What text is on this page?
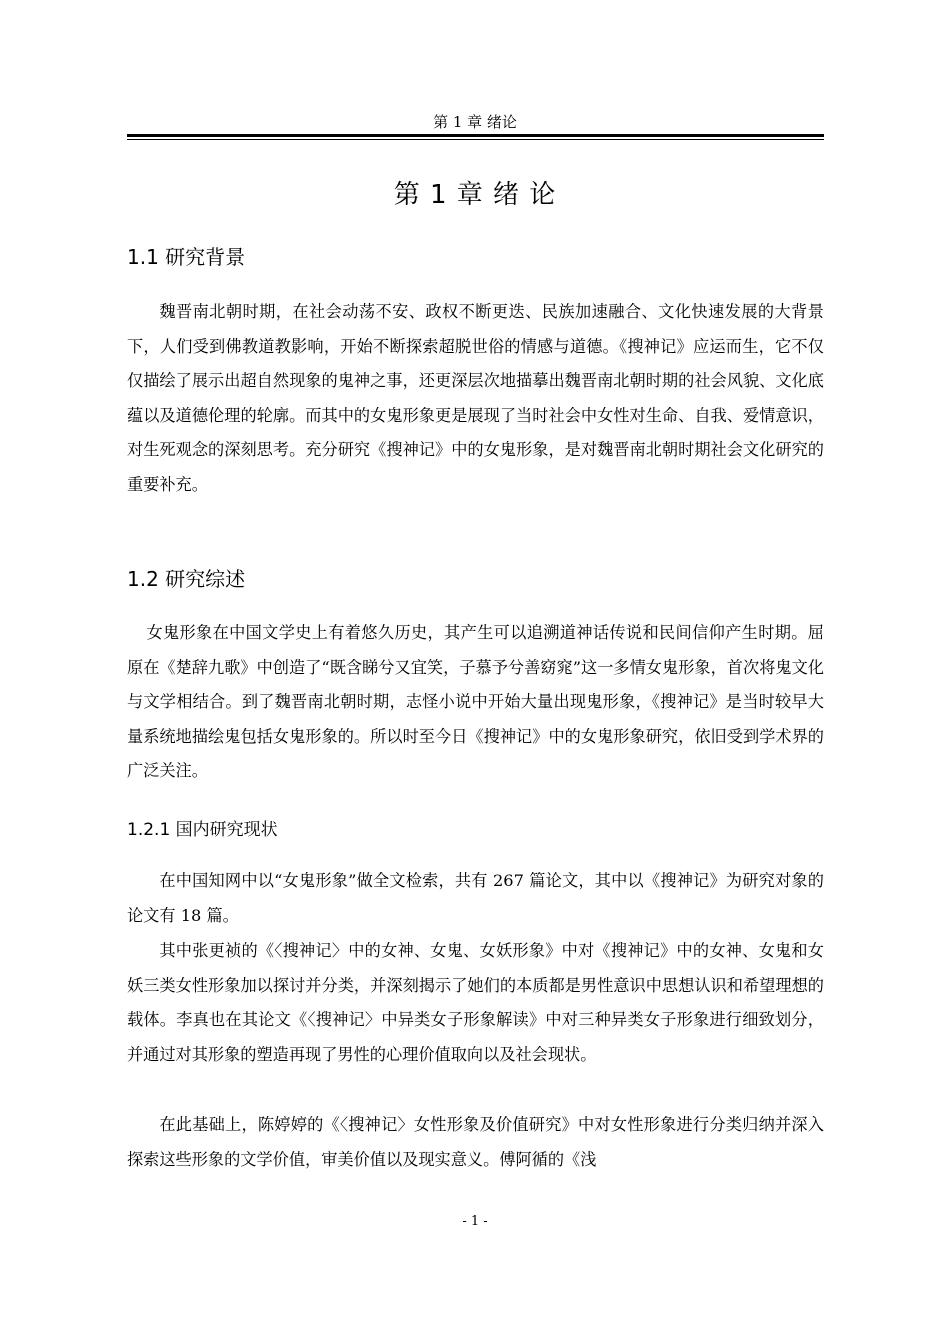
第 1 章 绪论
第 1 章 绪 论
1.1 研究背景

魏晋南北朝时期，在社会动荡不安、政权不断更迭、民族加速融合、文化快速发展的大背景下，人们受到佛教道教影响，开始不断探索超脱世俗的情感与道德。《搜神记》应运而生，它不仅仅描绘了展示出超自然现象的鬼神之事，还更深层次地描摹出魏晋南北朝时期的社会风貌、文化底蕴以及道德伦理的轮廓。而其中的女鬼形象更是展现了当时社会中女性对生命、自我、爱情意识，对生死观念的深刻思考。充分研究《搜神记》中的女鬼形象，是对魏晋南北朝时期社会文化研究的重要补充。

1.2 研究综述

女鬼形象在中国文学史上有着悠久历史，其产生可以追溯道神话传说和民间信仰产生时期。屈原在《楚辞九歌》中创造了“既含睇兮又宜笑，子慕予兮善窈窕”这一多情女鬼形象，首次将鬼文化与文学相结合。到了魏晋南北朝时期，志怪小说中开始大量出现鬼形象，《搜神记》是当时较早大量系统地描绘鬼包括女鬼形象的。所以时至今日《搜神记》中的女鬼形象研究，依旧受到学术界的广泛关注。

1.2.1 国内研究现状

在中国知网中以“女鬼形象”做全文检索，共有 267 篇论文，其中以《搜神记》为研究对象的论文有 18 篇。

其中张更祯的《〈搜神记〉中的女神、女鬼、女妖形象》中对《搜神记》中的女神、女鬼和女妖三类女性形象加以探讨并分类，并深刻揭示了她们的本质都是男性意识中思想认识和希望理想的载体。李真也在其论文《〈搜神记〉中异类女子形象解读》中对三种异类女子形象进行细致划分，并通过对其形象的塑造再现了男性的心理价值取向以及社会现状。

在此基础上，陈婷婷的《〈搜神记〉女性形象及价值研究》中对女性形象进行分类归纳并深入探索这些形象的文学价值，审美价值以及现实意义。傅阿循的《浅

- 1 -
